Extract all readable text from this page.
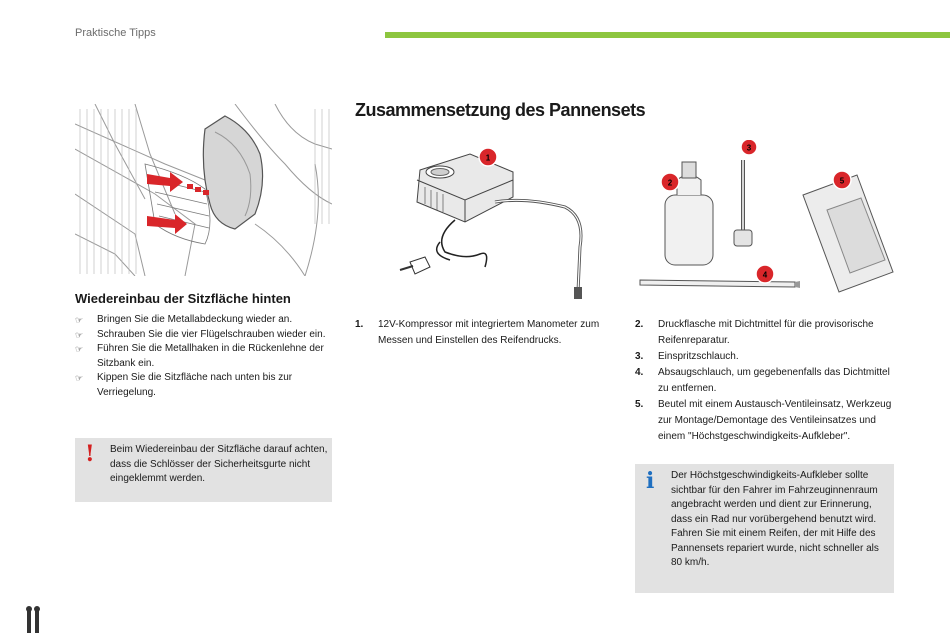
Praktische Tipps
Zusammensetzung des Pannensets
1
2
3
4
5
Wiedereinbau der Sitzfläche hinten
☞ Bringen Sie die Metallabdeckung wieder an.
☞ Schrauben Sie die vier Flügelschrauben wieder ein.
☞ Führen Sie die Metallhaken in die Rückenlehne der Sitzbank ein.
☞ Kippen Sie die Sitzfläche nach unten bis zur Verriegelung.
! Beim Wiedereinbau der Sitzfläche darauf achten, dass die Schlösser der Sicherheitsgurte nicht eingeklemmt werden.
1. 12V-Kompressor mit integriertem Manometer zum Messen und Einstellen des Reifendrucks.
2. Druckflasche mit Dichtmittel für die provisorische Reifenreparatur.
3. Einspritzschlauch.
4. Absaugschlauch, um gegebenenfalls das Dichtmittel zu entfernen.
5. Beutel mit einem Austausch-Ventileinsatz, Werkzeug zur Montage/Demontage des Ventileinsatzes und einem "Höchstgeschwindigkeits-Aufkleber".
i Der Höchstgeschwindigkeits-Aufkleber sollte sichtbar für den Fahrer im Fahrzeuginnenraum angebracht werden und dient zur Erinnerung, dass ein Rad nur vorübergehend benutzt wird.
Fahren Sie mit einem Reifen, der mit Hilfe des Pannensets repariert wurde, nicht schneller als 80 km/h.
